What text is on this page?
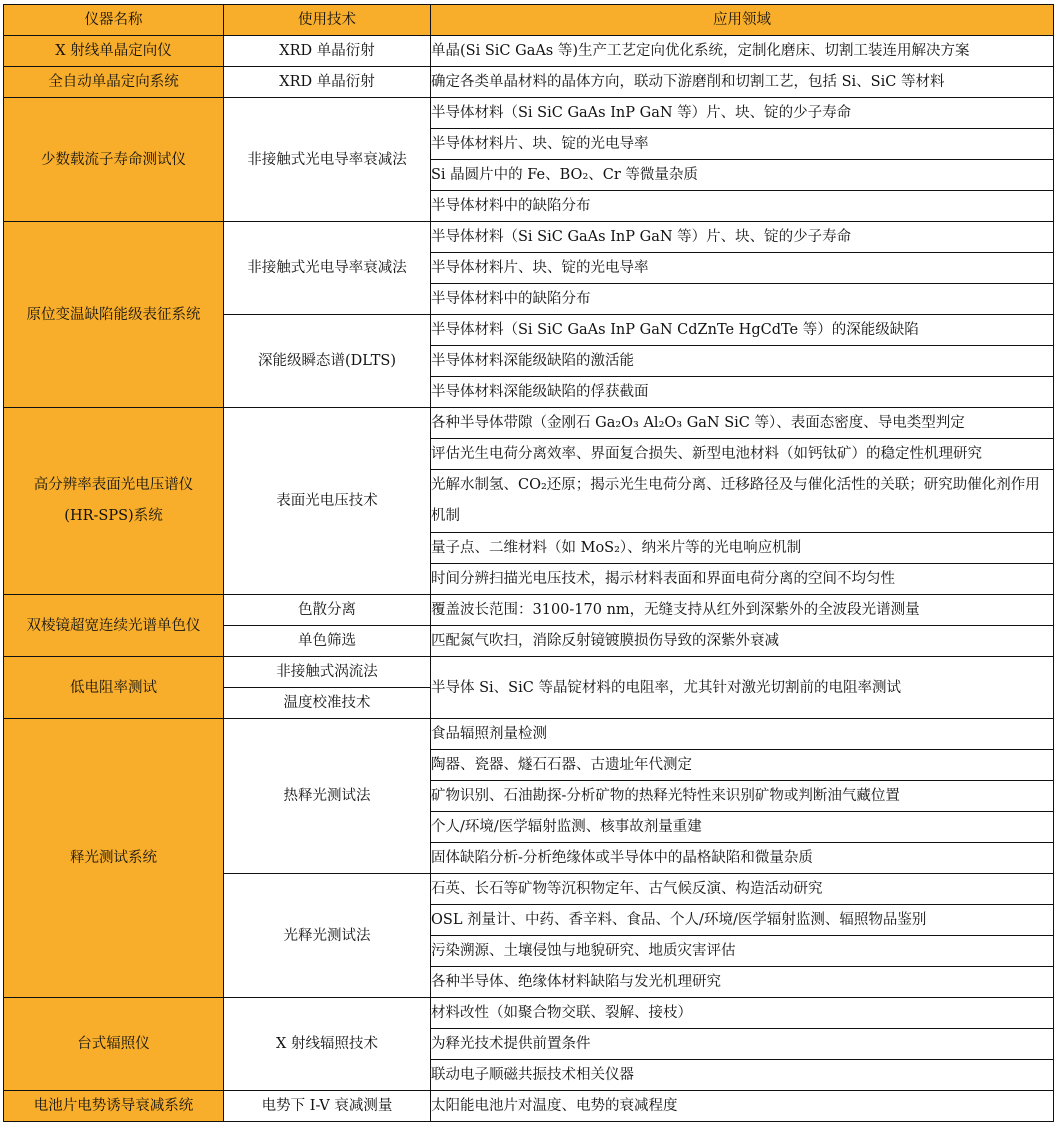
仪器名称	使用技术	应用领域
X 射线单晶定向仪	XRD 单晶衍射	单晶(Si SiC GaAs 等)生产工艺定向优化系统，定制化磨床、切割工装连用解决方案
全自动单晶定向系统	XRD 单晶衍射	确定各类单晶材料的晶体方向，联动下游磨削和切割工艺，包括 Si、SiC 等材料
少数载流子寿命测试仪	非接触式光电导率衰减法	半导体材料（Si SiC GaAs InP GaN 等）片、块、锭的少子寿命
		半导体材料片、块、锭的光电导率
		Si 晶圆片中的 Fe、BO₂、Cr 等微量杂质
		半导体材料中的缺陷分布
原位变温缺陷能级表征系统	非接触式光电导率衰减法	半导体材料（Si SiC GaAs InP GaN 等）片、块、锭的少子寿命
		半导体材料片、块、锭的光电导率
		半导体材料中的缺陷分布
	深能级瞬态谱(DLTS)	半导体材料（Si SiC GaAs InP GaN CdZnTe HgCdTe 等）的深能级缺陷
		半导体材料深能级缺陷的激活能
		半导体材料深能级缺陷的俘获截面

高分辨率表面光电压谱仪
(HR-SPS)系统	表面光电压技术	各种半导体带隙（金刚石 Ga₂O₃ Al₂O₃ GaN SiC 等）、表面态密度、导电类型判定
		评估光生电荷分离效率、界面复合损失、新型电池材料（如钙钛矿）的稳定性机理研究
		光解水制氢、CO₂还原；揭示光生电荷分离、迁移路径及与催化活性的关联；研究助催化剂作用机制
		量子点、二维材料（如 MoS₂）、纳米片等的光电响应机制
		时间分辨扫描光电压技术，揭示材料表面和界面电荷分离的空间不均匀性
双棱镜超宽连续光谱单色仪	色散分离	覆盖波长范围：3100-170 nm，无缝支持从红外到深紫外的全波段光谱测量
	单色筛选	匹配氮气吹扫，消除反射镜镀膜损伤导致的深紫外衰减
低电阻率测试	非接触式涡流法	半导体 Si、SiC 等晶锭材料的电阻率，尤其针对激光切割前的电阻率测试
	温度校准技术	
释光测试系统	热释光测试法	食品辐照剂量检测
		陶器、瓷器、燧石石器、古遗址年代测定
		矿物识别、石油勘探-分析矿物的热释光特性来识别矿物或判断油气藏位置
		个人/环境/医学辐射监测、核事故剂量重建
		固体缺陷分析-分析绝缘体或半导体中的晶格缺陷和微量杂质
	光释光测试法	石英、长石等矿物等沉积物定年、古气候反演、构造活动研究
		OSL 剂量计、中药、香辛料、食品、个人/环境/医学辐射监测、辐照物品鉴别
		污染溯源、土壤侵蚀与地貌研究、地质灾害评估
		各种半导体、绝缘体材料缺陷与发光机理研究
台式辐照仪	X 射线辐照技术	材料改性（如聚合物交联、裂解、接枝）
		为释光技术提供前置条件
		联动电子顺磁共振技术相关仪器
电池片电势诱导衰减系统	电势下 I-V 衰减测量	太阳能电池片对温度、电势的衰减程度
